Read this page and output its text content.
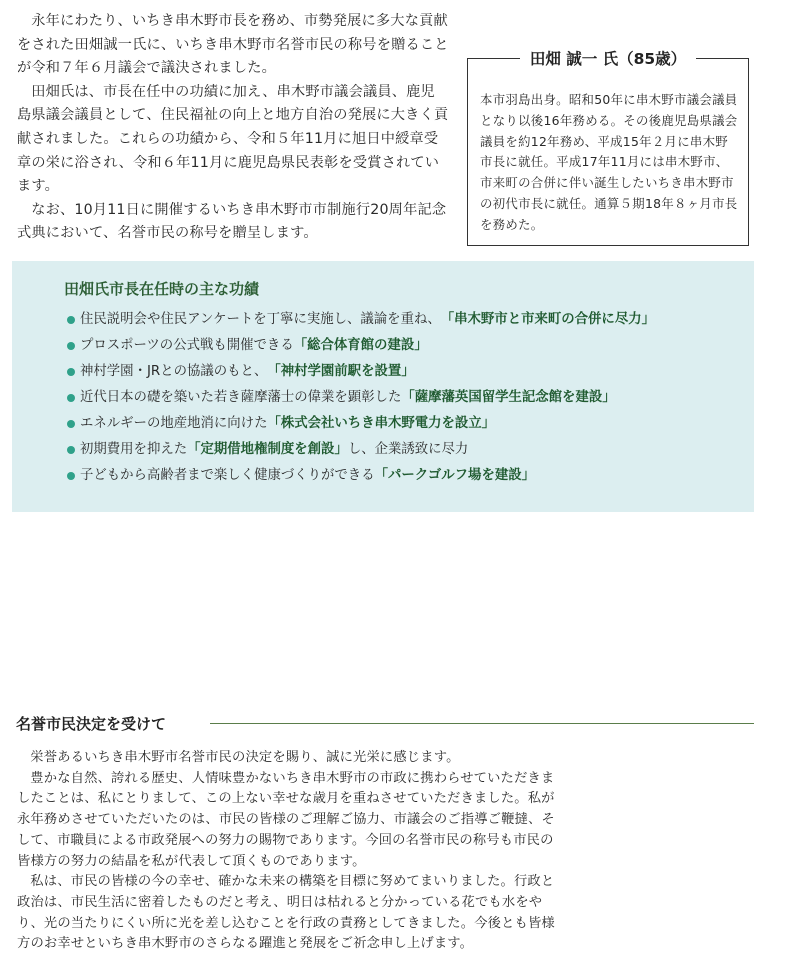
永年にわたり、いちき串木野市長を務め、市勢発展に多大な貢献をされた田畑誠一氏に、いちき串木野市名誉市民の称号を贈ることが令和７年６月議会で議決されました。

田畑氏は、市長在任中の功績に加え、串木野市議会議員、鹿児島県議会議員として、住民福祉の向上と地方自治の発展に大きく貢献されました。これらの功績から、令和５年11月に旭日中綬章受章の栄に浴され、令和６年11月に鹿児島県民表彰を受賞されています。

なお、10月11日に開催するいちき串木野市市制施行20周年記念式典において、名誉市民の称号を贈呈します。

田畑 誠一 氏（85歳）
本市羽島出身。昭和50年に串木野市議会議員となり以後16年務める。その後鹿児島県議会議員を約12年務め、平成15年２月に串木野市長に就任。平成17年11月には串木野市、市来町の合併に伴い誕生したいちき串木野市の初代市長に就任。通算５期18年８ヶ月市長を務めた。
田畑氏市長在任時の主な功績
住民説明会や住民アンケートを丁寧に実施し、議論を重ね、 「串木野市と市来町の合併に尽力」
プロスポーツの公式戦も開催できる 「総合体育館の建設」
神村学園・JRとの協議のもと、 「神村学園前駅を設置」
近代日本の礎を築いた若き薩摩藩士の偉業を顕彰した 「薩摩藩英国留学生記念館を建設」
エネルギーの地産地消に向けた 「株式会社いちき串木野電力を設立」
初期費用を抑えた 「定期借地権制度を創設」 し、企業誘致に尽力
子どもから高齢者まで楽しく健康づくりができる 「パークゴルフ場を建設」
名誉市民決定を受けて

栄誉あるいちき串木野市名誉市民の決定を賜り、誠に光栄に感じます。

豊かな自然、誇れる歴史、人情味豊かないちき串木野市の市政に携わらせていただきましたことは、私にとりまして、この上ない幸せな歳月を重ねさせていただきました。私が永年務めさせていただいたのは、市民の皆様のご理解ご協力、市議会のご指導ご鞭撻、そして、市職員による市政発展への努力の賜物であります。今回の名誉市民の称号も市民の皆様方の努力の結晶を私が代表して頂くものであります。

私は、市民の皆様の今の幸せ、確かな未来の構築を目標に努めてまいりました。行政と政治は、市民生活に密着したものだと考え、明日は枯れると分かっている花でも水をやり、光の当たりにくい所に光を差し込むことを行政の責務としてきました。今後とも皆様方のお幸せといちき串木野市のさらなる躍進と発展をご祈念申し上げます。
